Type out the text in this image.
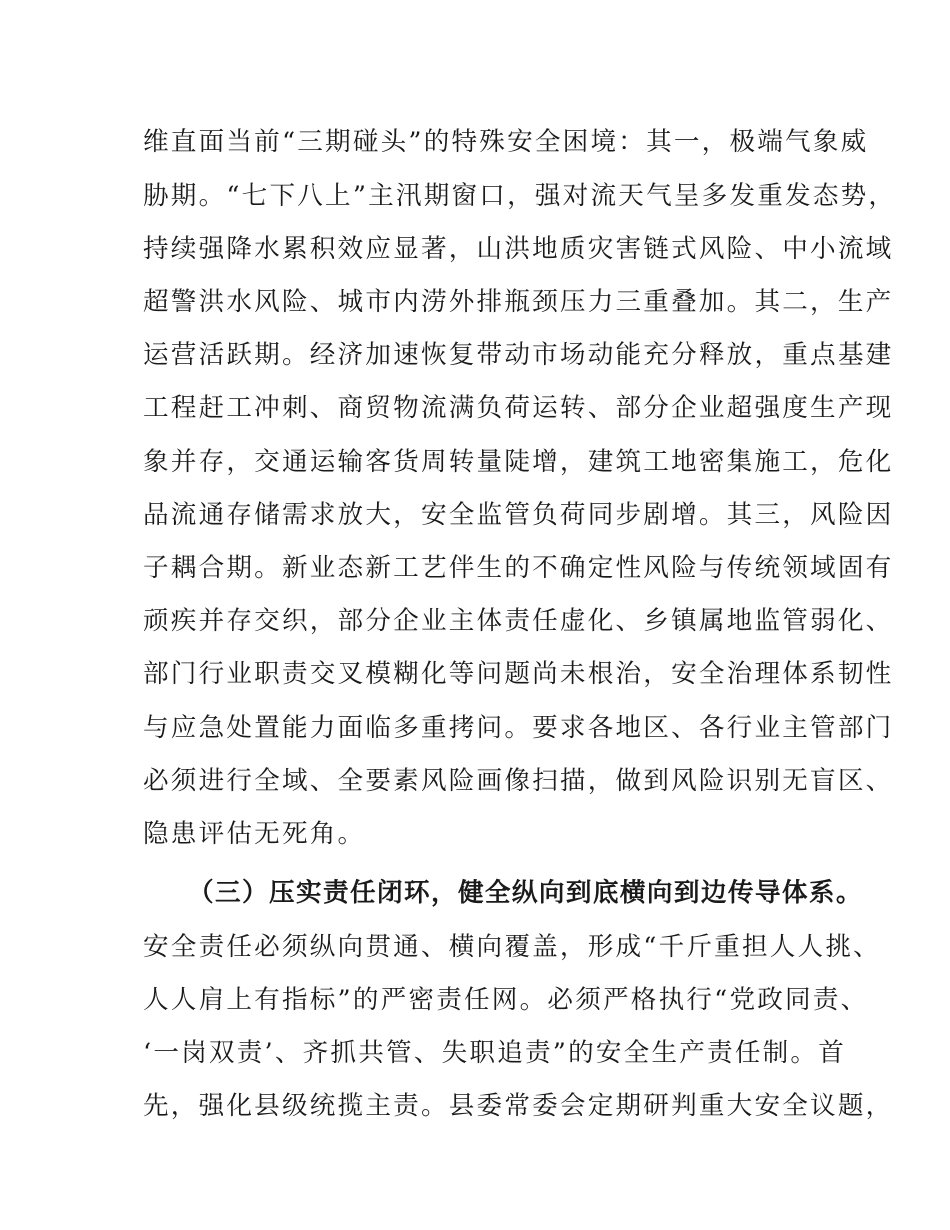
维直面当前“三期碰头”的特殊安全困境：其一，极端气象威
胁期。“七下八上”主汛期窗口，强对流天气呈多发重发态势，
持续强降水累积效应显著，山洪地质灾害链式风险、中小流域
超警洪水风险、城市内涝外排瓶颈压力三重叠加。其二，生产
运营活跃期。经济加速恢复带动市场动能充分释放，重点基建
工程赶工冲刺、商贸物流满负荷运转、部分企业超强度生产现
象并存，交通运输客货周转量陡增，建筑工地密集施工，危化
品流通存储需求放大，安全监管负荷同步剧增。其三，风险因
子耦合期。新业态新工艺伴生的不确定性风险与传统领域固有
顽疾并存交织，部分企业主体责任虚化、乡镇属地监管弱化、
部门行业职责交叉模糊化等问题尚未根治，安全治理体系韧性
与应急处置能力面临多重拷问。要求各地区、各行业主管部门
必须进行全域、全要素风险画像扫描，做到风险识别无盲区、
隐患评估无死角。
（三）压实责任闭环，健全纵向到底横向到边传导体系。
安全责任必须纵向贯通、横向覆盖，形成“千斤重担人人挑、
人人肩上有指标”的严密责任网。必须严格执行“党政同责、
‘一岗双责’、齐抓共管、失职追责”的安全生产责任制。首
先，强化县级统揽主责。县委常委会定期研判重大安全议题，
